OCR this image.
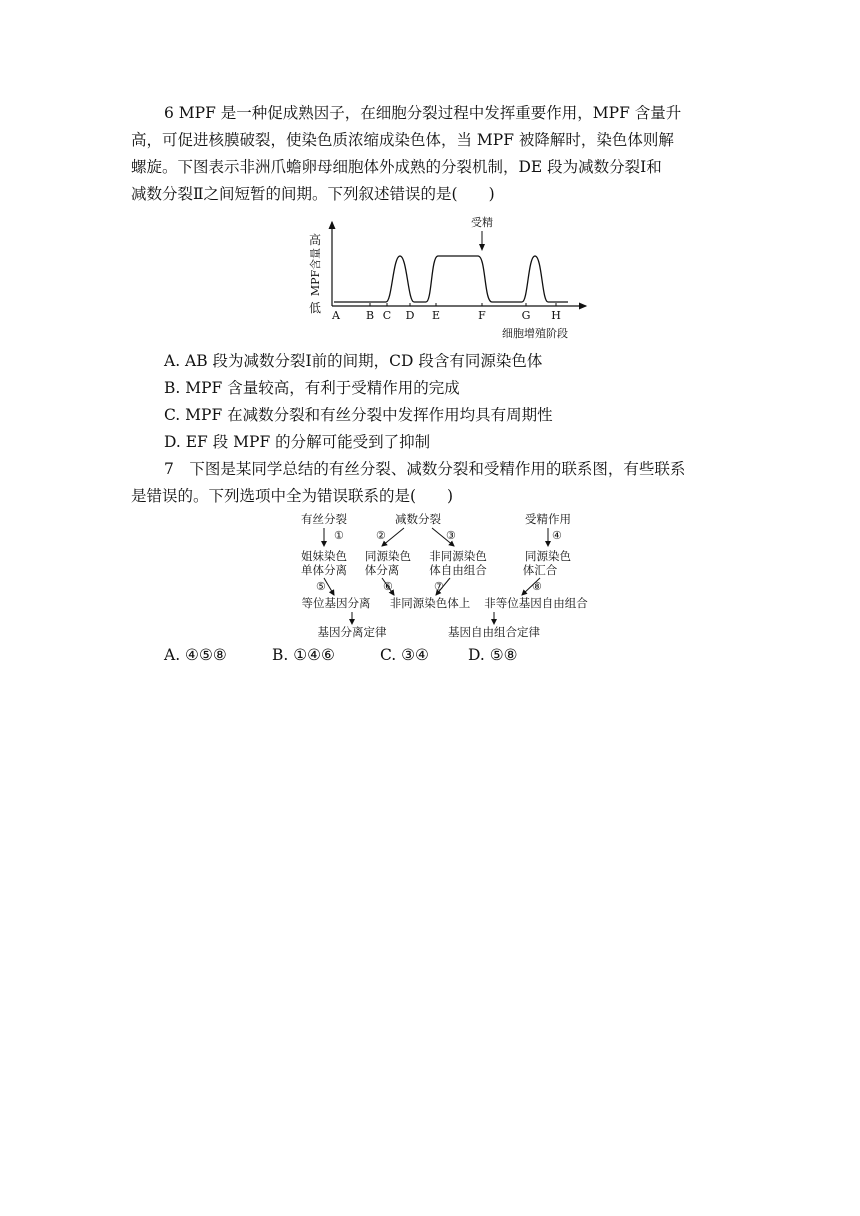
6 MPF 是一种促成熟因子，在细胞分裂过程中发挥重要作用，MPF 含量升
高，可促进核膜破裂，使染色质浓缩成染色体，当 MPF 被降解时，染色体则解
螺旋。下图表示非洲爪蟾卵母细胞体外成熟的分裂机制，DE 段为减数分裂Ⅰ和
减数分裂Ⅱ之间短暂的间期。下列叙述错误的是(　　)
高
MPF含量
低
A B C D E	F	G H
受精
细胞增殖阶段
A. AB 段为减数分裂Ⅰ前的间期，CD 段含有同源染色体
B. MPF 含量较高，有利于受精作用的完成
C. MPF 在减数分裂和有丝分裂中发挥作用均具有周期性
D. EF 段 MPF 的分解可能受到了抑制
7　下图是某同学总结的有丝分裂、减数分裂和受精作用的联系图，有些联系
是错误的。下列选项中全为错误联系的是(　　)
有丝分裂	减数分裂	受精作用
①	②	③	④
姐妹染色
单体分离
同源染色
体分离
非同源染色
体自由组合
同源染色
体汇合
⑤	⑥	⑦	⑧
等位基因分离 非同源染色体上 非等位基因自由组合
基因分离定律	基因自由组合定律
A. ④⑤⑧	B. ①④⑥	C. ③④	D. ⑤⑧
